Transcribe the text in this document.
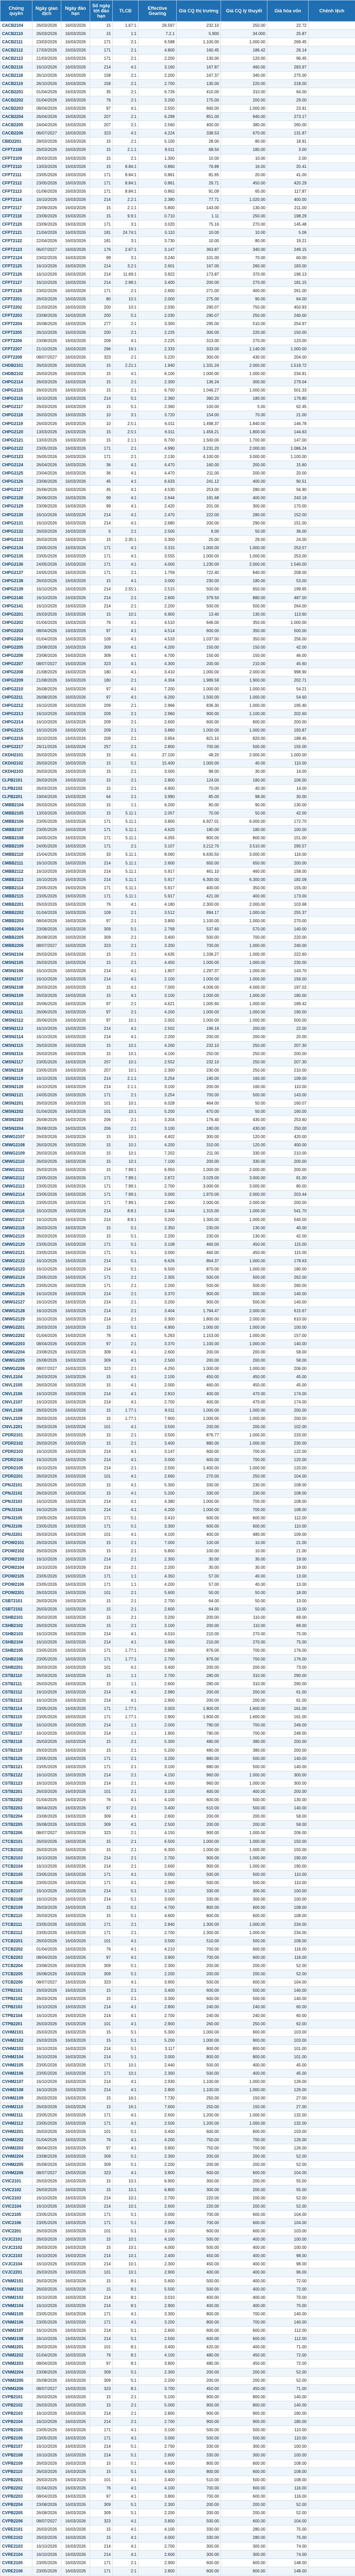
Chứng quyền	Ngày giao dịch	Ngày đáo hạn	Số ngày tới đáo hạn	TLCĐ	Effective Gearing	Giá CQ thị trường	Giá CQ lý thuyết	Giá hòa vốn	Chênh lệch
CACB2104	26/03/2026	16/03/2026	15	1.67:1	26.597	232.10	250.00	22.72	
CACB2110	26/03/2026	16/03/2026	15	1:1	7.2.1	5.900	34.000	25.87	
CACB2111	23/03/2026	16/03/2026	171	2:1	6.588	1.100.00	1.000.00	269.45	
CACB2112	17/03/2026	16/03/2026	171	2:1	4.800	160.45	186.42	26.14	
CACB2113	21/03/2026	16/03/2026	171	2:1	2.200	130.00	120.00	96.45	
CACB2116	16/10/2026	16/03/2026	214	4:1	3.160	167.87	460.00	283.97	
CACB2118	26/10/2026	16/03/2026	158	2:1	2.200	167.37	340.00	275.00	
CACB2119	26/10/2026	16/03/2026	158	2:1	2.700	130.00	220.00	218.00	
CACB2201	01/04/2026	16/03/2026	35	2:1	6.726	410.00	310.00	64.00	
CACB2202	01/04/2026	16/03/2026	76	2:1	3.200	175.00	200.00	29.00	
CACB2203	08/04/2026	16/03/2026	97	4:1	2.550	660.00	1.000.00	23.91	
CACB2204	26/04/2026	16/03/2026	207	2:1	6.299	851.00	940.00	273.17	
CACB2205	24/04/2026	16/03/2026	207	2:1	2.560	400.00	380.00	260.00	
CACB2206	06/07/2027	16/03/2026	323	4:1	4.224	338.53	670.00	131.87	
CBID2201	28/03/2026	16/03/2026	15	2:1	5.100	28.00	80.00	18.91	
CFPT2108	26/03/2026	16/03/2026	15	2.1:1	9.011	68.50	180.00	3.00	
CFPT2109	26/03/2026	16/03/2026	15	2:1	1.300	10.00	10.00	2.00	
CFPT2110	13/03/2026	16/03/2026	15	8.84:1	0.860	76.89	16.00	20.41	
CFPT2111	23/05/2026	16/03/2026	171	8.84:1	0.861	81.65	20.00	41.00	
CFPT2112	23/05/2026	16/03/2026	171	8.84:1	0.861	29.71	450.00	420.29	
CFPT2113	01/06/2026	16/03/2026	171	8.84:1	0.862	91.09	65.00	117.87	
CFPT2114	16/10/2026	16/03/2026	214	2.2:1	2.380	77.71	1.020.00	400.00	
CFPT2117	23/09/2026	16/03/2026	15	2.1:1	5.800	143.00	130.00	211.00	
CFPT2118	23/09/2026	16/03/2026	15	9.9:1	0.710	1.11	250.00	198.29	
CFPT2120	23/09/2026	16/03/2026	171	3:1	3.020	75.16	270.00	145.48	
CFPT2121	21/04/2026	16/03/2026	181	24.74:1	0.110	10.00	10.00	5.06	
CFPT2122	22/04/2026	16/03/2026	181	3:1	3.730	10.00	80.00	19.21	
CFPT2123	06/07/2027	16/03/2026	176	2.67:1	3.147	363.87	340.00	249.15	
CFPT2124	23/02/2026	16/03/2026	99	3:1	3.240	101.00	70.00	60.00	
CFPT2125	16/10/2026	16/03/2026	214	3.2:1	2.601	167.00	260.00	183.00	
CFPT2126	16/10/2026	16/03/2026	214	11.69:1	3.922	173.87	370.00	196.13	
CFPT2127	16/10/2026	16/03/2026	214	2.98:1	3.400	200.00	270.00	181.15	
CFPT2128	23/02/2026	16/03/2026	171	2:1	2.600	271.00	400.00	261.00	
CFPT2201	26/03/2026	16/03/2026	80	10:1	2.000	275.00	90.00	64.00	
CFPT2202	21/03/2026	16/03/2026	200	10:1	2.030	290.07	750.00	450.93	
CFPT2203	23/08/2026	16/03/2026	200	5:1	2.030	290.07	250.00	240.00	
CFPT2204	26/08/2026	16/03/2026	277	2:1	3.300	295.00	510.00	254.97	
CFPT2205	26/10/2026	16/03/2026	200	2:1	2.225	300.00	220.00	150.00	
CFPT2206	23/08/2026	16/03/2026	209	4:1	2.225	313.00	270.00	123.00	
CFPT2207	21/10/2026	16/03/2026	296	16:1	2.333	333.00	1.140.00	1.000.00	
CFPT2208	08/07/2027	16/03/2026	323	2:1	5.220	300.00	430.00	204.00	
CHDB2101	26/03/2026	16/03/2026	15	2.21:1	1.940	1.331.24	2.000.00	1.519.72	
CHDB2102	26/03/2026	16/03/2026	15	4:1	6.100	1.000.00	1.000.00	234.81	
CHPG2114	26/03/2026	16/03/2026	15	2:1	2.300	136.24	300.00	279.04	
CHPG2115	26/03/2026	16/03/2026	15	2:1	6.700	1.046.27	1.000.00	501.33	
CHPG2116	16/10/2026	16/03/2026	214	5:1	2.360	390.20	180.00	179.80	
CHPG2117	26/03/2026	16/03/2026	15	5:1	2.360	100.00	5.00	62.45	
CHPG2118	26/03/2026	16/03/2026	10	3:1	3.720	154.00	70.00	21.00	
CHPG2119	26/03/2026	16/03/2026	10	2.5:1	6.011	1.498.37	1.840.00	146.78	
CHPG2120	13/03/2026	16/03/2026	15	2.5:1	6.011	1.456.21	1.800.00	144.63	
CHPG2121	13/03/2026	16/03/2026	15	2.1:1	6.700	1.500.00	1.700.00	147.00	
CHPG2122	23/05/2026	16/03/2026	171	2:1	4.990	3.231.20	2.000.00	1.086.24	
CHPG2123	26/05/2026	16/03/2026	171	2:1	2.130	4.100.00	3.000.00	1.100.00	
CHPG2124	26/04/2026	16/03/2026	36	4:1	4.470	160.00	200.00	15.60	
CHPG2125	23/04/2026	16/03/2026	36	4:1	4.470	211.00	200.00	20.00	
CHPG2126	23/06/2026	16/03/2026	45	4:1	6.633	241.12	400.00	90.51	
CHPG2127	26/06/2026	16/03/2026	45	4:1	4.530	253.00	280.00	56.90	
CHPG2128	26/06/2026	16/03/2026	99	4:1	2.644	191.68	400.00	243.18	
CHPG2129	23/09/2026	16/03/2026	99	4:1	2.420	201.00	300.00	170.00	
CHPG2130	16/10/2026	16/03/2026	214	4:1	2.470	222.00	280.00	152.00	
CHPG2131	16/10/2026	16/03/2026	214	4:1	2.680	200.00	290.00	151.00	
CHPG2132	26/03/2026	16/03/2026	5	2:1	2.500	6.00	50.00	36.00	
CHPG2133	26/03/2026	16/03/2026	15	2.35:1	3.300	25.00	29.00	24.00	
CHPG2134	23/05/2026	16/03/2026	171	4:1	3.315	1.000.00	1.000.00	253.57	
CHPG2135	23/05/2026	16/03/2026	171	4:1	3.555	1.000.00	1.000.00	253.00	
CHPG2136	24/05/2026	16/03/2026	171	4:1	4.000	1.230.00	2.000.00	1.540.00	
CHPG2137	24/05/2026	16/03/2026	171	2:1	1.759	722.40	840.00	208.00	
CHPG2138	26/03/2026	16/03/2026	15	4:1	3.000	230.00	180.00	53.00	
CHPG2139	16/10/2026	16/03/2026	214	2.55:1	2.515	500.00	650.00	199.65	
CHPG2140	16/10/2026	16/03/2026	214	2:1	2.600	379.50	880.00	487.00	
CHPG2141	16/10/2026	16/03/2026	214	2:1	2.200	500.00	500.00	264.00	
CHPG2201	26/03/2026	16/03/2026	15	10:1	6.900	13.40	130.00	113.60	
CHPG2202	01/04/2026	16/03/2026	76	4:1	4.510	646.00	350.00	1.000.00	
CHPG2203	08/04/2026	16/03/2026	97	4:1	4.514	600.00	350.00	500.00	
CHPG2204	01/04/2026	16/03/2026	109	4:1	4.533	1.037.00	350.00	256.00	
CHPG2205	23/08/2026	16/03/2026	309	4:1	4.200	150.00	150.00	42.00	
CHPG2206	23/08/2026	16/03/2026	309	4:1	4.700	150.00	150.00	46.00	
CHPG2207	08/07/2027	16/03/2026	323	4:1	4.300	200.00	210.00	45.60	
CHPG2208	21/08/2026	16/03/2026	180	4:1	3.410	1.000.00	2.000.00	998.90	
CHPG2209	21/08/2026	16/03/2026	180	2:1	4.304	1.989.59	1.900.00	202.71	
CHPG2210	26/08/2026	16/03/2026	97	4:1	7.200	1.000.00	1.000.00	54.21	
CHPG2211	26/08/2026	16/03/2026	97	4:1	6.200	1.500.00	1.000.00	54.60	
CHPG2212	16/10/2026	16/03/2026	209	2:1	2.966	836.30	1.000.00	195.40	
CHPG2213	16/10/2026	16/03/2026	209	2:1	2.960	900.00	1.100.00	202.60	
CHPG2214	16/10/2026	16/03/2026	209	2:1	2.600	600.00	600.00	200.00	
CHPG2215	16/10/2026	16/03/2026	209	2:1	3.860	1.000.00	1.000.00	193.87	
CHPG2216	16/10/2026	16/03/2026	209	2:1	3.954	821.10	820.00	189.45	
CHPG2217	26/11/2026	16/03/2026	257	2:1	2.800	700.00	500.00	155.00	
CKDH2101	26/03/2026	16/03/2026	15	4:1	27.100	48.20	2.000.00	1.000.00	
CKDH2102	26/03/2026	16/03/2026	15	5:1	15.400	1.000.00	40.00	110.00	
CKDH2103	26/03/2026	16/03/2026	15	2:1	3.000	98.00	30.00	14.00	
CLPB2101	26/03/2026	16/03/2026	15	2:1	2.800	124.00	180.00	106.00	
CLPB2102	26/03/2026	16/03/2026	15	2:1	4.900	70.00	40.00	14.00	
CLPB2201	19/04/2026	16/03/2026	64	2:1	3.990	85.00	98.00	30.00	
CMBB2104	26/03/2026	16/03/2026	15	1:1	6.200	80.00	90.00	130.00	
CMBB2105	13/03/2026	16/03/2026	15	5.11:1	2.057	70.00	50.00	42.00	
CMBB2106	23/05/2026	16/03/2026	171	5.11:1	3.800	6.927.01	6.000.00	172.70	
CMBB2107	23/05/2026	16/03/2026	171	5.11:1	4.620	180.00	180.00	100.00	
CMBB2108	24/05/2026	16/03/2026	171	5.11:1	4.055	800.00	800.00	151.00	
CMBB2109	24/05/2026	16/03/2026	171	2:1	3.107	3.212.70	3.510.00	290.57	
CMBB2110	15/04/2026	16/03/2026	33	5.11:1	8.060	6.630.50	3.000.00	116.00	
CMBB2111	16/10/2026	16/03/2026	214	5.11:1	2.600	650.00	650.00	200.00	
CMBB2112	16/10/2026	16/03/2026	214	5.11:1	5.917	461.10	460.00	158.00	
CMBB2113	16/10/2026	16/03/2026	214	5.11:1	5.917	6.300.00	6.300.00	182.09	
CMBB2114	23/05/2026	16/03/2026	171	5.11:1	5.917	400.00	350.00	155.00	
CMBB2115	23/05/2026	16/03/2026	171	5.11:1	5.917	421.00	400.00	173.00	
CMBB2201	26/03/2026	16/03/2026	76	4:1	4.180	2.300.00	2.000.00	103.68	
CMBB2202	01/04/2026	16/03/2026	109	2:1	3.512	894.17	1.000.00	255.37	
CMBB2203	08/04/2026	16/03/2026	97	2:1	3.800	1.100.00	1.000.00	270.00	
CMBB2204	23/08/2026	16/03/2026	309	5:1	2.769	537.60	570.00	140.00	
CMBB2205	26/08/2026	16/03/2026	309	2:1	3.400	500.00	700.00	220.00	
CMBB2206	08/07/2027	16/03/2026	323	2:1	3.200	700.00	1.000.00	240.00	
CMSN2104	26/03/2026	16/03/2026	15	2:1	4.635	1.336.27	1.000.00	222.60	
CMSN2105	26/03/2026	16/03/2026	15	2:1	4.450	1.000.00	1.000.00	230.00	
CMSN2106	16/10/2026	16/03/2026	214	4:1	1.807	1.297.37	1.000.00	143.70	
CMSN2107	16/10/2026	16/03/2026	214	4:1	2.100	1.000.00	1.000.00	156.00	
CMSN2108	26/03/2026	16/03/2026	15	4:1	7.000	4.006.00	4.000.00	197.02	
CMSN2109	26/03/2026	16/03/2026	15	4:1	3.100	1.000.00	1.000.00	180.00	
CMSN2110	26/06/2026	16/03/2026	97	2:1	4.621	1.005.60	1.000.00	189.42	
CMSN2111	26/06/2026	16/03/2026	97	2:1	4.200	1.000.00	1.000.00	190.00	
CMSN2112	26/06/2026	16/03/2026	97	10:1	2.002	2.000.00	1.000.00	500.00	
CMSN2113	16/10/2026	16/03/2026	214	4:1	2.502	196.16	200.00	22.00	
CMSN2114	16/10/2026	16/03/2026	214	4:1	2.200	200.00	200.00	20.00	
CMSN2115	26/03/2026	16/03/2026	15	10:1	4.200	232.10	250.00	207.30	
CMSN2116	26/03/2026	16/03/2026	15	10:1	4.100	250.00	250.00	200.00	
CMSN2117	23/05/2026	16/03/2026	207	10:1	2.552	232.10	250.00	207.30	
CMSN2118	23/05/2026	16/03/2026	207	10:1	2.300	230.00	250.00	210.00	
CMSN2119	16/10/2026	16/03/2026	214	2.1:1	3.254	190.00	160.00	109.00	
CMSN2120	16/10/2026	16/03/2026	214	2.1:1	3.100	200.00	160.00	110.00	
CMSN2121	24/05/2026	16/03/2026	171	2:1	3.254	700.00	500.00	143.00	
CMSN2201	26/03/2026	16/03/2026	101	10:1	6.028	464.00	50.00	160.07	
CMSN2202	01/04/2026	16/03/2026	101	10:1	5.200	470.00	50.00	160.00	
CMSN2203	26/08/2026	16/03/2026	206	2:1	3.204	176.40	430.00	253.60	
CMSN2204	26/08/2026	16/03/2026	206	2:1	3.100	180.00	430.00	250.00	
CMWG2107	26/03/2026	16/03/2026	15	10:1	4.402	300.00	120.00	420.00	
CMWG2108	26/03/2026	16/03/2026	15	10:1	4.200	310.00	120.00	400.00	
CMWG2109	26/03/2026	16/03/2026	15	10:1	7.202	211.00	330.00	210.00	
CMWG2110	26/03/2026	16/03/2026	15	10:1	7.100	200.00	330.00	200.00	
CMWG2111	26/03/2026	16/03/2026	15	7.99:1	6.950	1.000.00	2.000.00	200.00	
CMWG2112	23/05/2026	16/03/2026	171	7.99:1	2.872	3.029.00	3.000.00	81.00	
CMWG2113	23/05/2026	16/03/2026	171	7.99:1	2.700	3.000.00	3.000.00	80.00	
CMWG2114	23/05/2026	16/03/2026	171	7.99:1	3.000	1.970.00	2.000.00	203.44	
CMWG2115	23/05/2026	16/03/2026	171	7.99:1	2.900	2.000.00	2.000.00	200.00	
CMWG2116	16/10/2026	16/03/2026	214	8:8:1	3.344	1.315.00	1.000.00	541.70	
CMWG2117	16/10/2026	16/03/2026	214	8:8:1	3.200	1.300.00	1.000.00	540.00	
CMWG2118	26/03/2026	16/03/2026	15	5:1	2.350	230.00	130.00	40.00	
CMWG2119	26/03/2026	16/03/2026	15	5:1	2.200	230.00	130.00	42.00	
CMWG2120	23/05/2026	16/03/2026	171	5:1	3.108	460.00	450.00	115.00	
CMWG2121	23/05/2026	16/03/2026	171	5:1	3.000	460.00	450.00	115.00	
CMWG2122	16/10/2026	16/03/2026	214	5:1	6.626	864.37	1.000.00	178.63	
CMWG2123	16/10/2026	16/03/2026	214	5:1	6.500	870.00	1.000.00	180.00	
CMWG2124	23/05/2026	16/03/2026	171	2:1	2.305	500.00	500.00	262.00	
CMWG2125	23/05/2026	16/03/2026	171	2:1	2.200	500.00	500.00	260.00	
CMWG2126	16/10/2026	16/03/2026	214	2:1	3.370	900.00	500.00	140.00	
CMWG2127	16/10/2026	16/03/2026	214	2:1	3.200	900.00	500.00	140.00	
CMWG2128	16/10/2026	16/03/2026	214	2:1	3.404	1.784.47	2.000.00	615.67	
CMWG2129	16/10/2026	16/03/2026	214	2:1	3.300	1.800.00	2.000.00	610.00	
CMWG2201	26/03/2026	16/03/2026	15	5:1	4.900	1.000.00	1.000.00	100.00	
CMWG2202	01/04/2026	16/03/2026	76	4:1	5.263	1.153.00	1.000.00	157.00	
CMWG2203	08/04/2026	16/03/2026	97	2:1	3.370	1.100.00	1.000.00	140.00	
CMWG2204	23/08/2026	16/03/2026	309	4:1	2.600	200.00	200.00	58.00	
CMWG2205	26/08/2026	16/03/2026	309	4:1	2.500	200.00	200.00	58.00	
CMWG2206	08/07/2027	16/03/2026	323	2:1	4.250	1.000.00	1.000.00	206.00	
CNVL2104	26/03/2026	16/03/2026	15	4:1	2.100	450.00	450.00	45.00	
CNVL2105	26/03/2026	16/03/2026	15	4:1	2.000	460.00	450.00	45.00	
CNVL2106	16/10/2026	16/03/2026	214	4:1	2.810	400.00	470.00	174.00	
CNVL2107	16/10/2026	16/03/2026	214	4:1	2.700	400.00	470.00	174.00	
CNVL2108	26/03/2026	16/03/2026	15	1.77:1	8.011	1.000.00	1.000.00	200.00	
CNVL2109	26/03/2026	16/03/2026	15	1.77:1	7.900	1.000.00	1.000.00	200.00	
CNVL2201	26/03/2026	16/03/2026	101	4:1	3.500	200.00	200.00	102.00	
CPDR2101	26/03/2026	16/03/2026	15	2:1	3.500	876.77	1.000.00	233.00	
CPDR2102	26/03/2026	16/03/2026	15	2:1	3.400	880.00	1.000.00	230.00	
CPDR2103	16/10/2026	16/03/2026	214	4:1	3.147	600.00	700.00	122.00	
CPDR2104	16/10/2026	16/03/2026	214	4:1	3.000	600.00	700.00	120.00	
CPDR2105	16/10/2026	16/03/2026	214	2:1	2.500	1.400.00	1.000.00	120.00	
CPDR2201	26/03/2026	16/03/2026	101	4:1	2.660	270.00	250.00	104.00	
CPNJ2101	26/03/2026	16/03/2026	15	4:1	5.300	330.00	230.00	108.00	
CPNJ2102	26/03/2026	16/03/2026	15	4:1	5.200	330.00	230.00	108.00	
CPNJ2103	16/10/2026	16/03/2026	214	4:1	4.380	1.000.00	700.00	108.00	
CPNJ2104	16/10/2026	16/03/2026	214	4:1	4.200	1.000.00	700.00	108.00	
CPNJ2105	23/05/2026	16/03/2026	171	5:1	3.410	600.00	600.00	112.00	
CPNJ2106	23/05/2026	16/03/2026	171	5:1	3.300	600.00	600.00	110.00	
CPNJ2201	26/03/2026	16/03/2026	101	4:1	4.100	400.00	480.00	109.00	
CPOW2101	26/03/2026	16/03/2026	15	2:1	7.000	100.00	10.00	21.00	
CPOW2102	26/03/2026	16/03/2026	15	2:1	6.800	100.00	10.00	21.00	
CPOW2103	16/10/2026	16/03/2026	214	2:1	2.300	30.00	30.00	19.00	
CPOW2104	16/10/2026	16/03/2026	214	2:1	2.200	30.00	30.00	19.00	
CPOW2105	23/05/2026	16/03/2026	171	1:1	4.350	57.00	40.00	13.00	
CPOW2106	23/05/2026	16/03/2026	171	1:1	4.200	57.00	40.00	13.00	
CPOW2201	26/03/2026	16/03/2026	101	2:1	5.600	50.00	50.00	18.00	
CSBT2101	26/03/2026	16/03/2026	15	2:1	2.700	64.00	50.00	13.00	
CSBT2102	26/03/2026	16/03/2026	15	2:1	2.600	64.00	50.00	13.00	
CSHB2101	26/03/2026	16/03/2026	15	2:1	3.200	200.00	110.00	69.00	
CSHB2102	26/03/2026	16/03/2026	15	2:1	3.100	200.00	110.00	69.00	
CSHB2103	16/10/2026	16/03/2026	214	4:1	4.010	210.00	270.00	75.00	
CSHB2104	16/10/2026	16/03/2026	214	4:1	3.900	210.00	270.00	75.00	
CSHB2105	23/05/2026	16/03/2026	171	1.77:1	2.880	876.00	700.00	176.00	
CSHB2106	23/05/2026	16/03/2026	171	1.77:1	2.700	876.00	700.00	176.00	
CSHB2201	26/03/2026	16/03/2026	101	4:1	3.400	200.00	200.00	73.00	
CSTB2110	26/03/2026	16/03/2026	15	1:1	2.700	280.00	310.00	290.00	
CSTB2111	26/03/2026	16/03/2026	15	1:1	2.600	280.00	310.00	290.00	
CSTB2112	16/10/2026	16/03/2026	214	4:1	2.980	200.00	200.00	61.00	
CSTB2113	16/10/2026	16/03/2026	214	4:1	2.900	200.00	200.00	61.00	
CSTB2114	23/05/2026	16/03/2026	171	1.77:1	3.003	1.800.00	1.600.00	161.00	
CSTB2115	23/05/2026	16/03/2026	171	1.77:1	2.900	1.800.00	1.600.00	161.00	
CSTB2116	16/10/2026	16/03/2026	214	1:1	2.000	780.00	700.00	249.00	
CSTB2117	16/10/2026	16/03/2026	214	1:1	1.900	780.00	700.00	249.00	
CSTB2118	26/03/2026	16/03/2026	15	2:1	5.300	480.00	380.00	200.00	
CSTB2119	26/03/2026	16/03/2026	15	2:1	5.200	480.00	380.00	200.00	
CSTB2120	23/05/2026	16/03/2026	171	2:1	3.200	880.00	500.00	140.00	
CSTB2121	23/05/2026	16/03/2026	171	2:1	3.100	880.00	500.00	140.00	
CSTB2122	16/10/2026	16/03/2026	214	2:1	4.150	960.00	1.000.00	300.00	
CSTB2123	16/10/2026	16/03/2026	214	2:1	4.000	960.00	1.000.00	300.00	
CSTB2201	26/03/2026	16/03/2026	101	2:1	3.100	400.00	400.00	200.00	
CSTB2202	01/04/2026	16/03/2026	76	4:1	4.100	600.00	500.00	130.00	
CSTB2203	08/04/2026	16/03/2026	97	2:1	3.400	610.00	500.00	140.00	
CSTB2204	23/08/2026	16/03/2026	309	4:1	2.600	200.00	200.00	58.00	
CSTB2205	26/08/2026	16/03/2026	309	4:1	2.500	200.00	200.00	58.00	
CSTB2206	08/07/2027	16/03/2026	323	2:1	4.150	900.00	1.000.00	206.00	
CTCB2101	26/03/2026	16/03/2026	15	2:1	6.500	1.000.00	1.000.00	150.00	
CTCB2102	26/03/2026	16/03/2026	15	2:1	6.300	1.000.00	1.000.00	150.00	
CTCB2103	16/10/2026	16/03/2026	214	2:1	2.700	900.00	1.000.00	190.00	
CTCB2104	16/10/2026	16/03/2026	214	2:1	2.600	900.00	1.000.00	190.00	
CTCB2105	23/05/2026	16/03/2026	171	4:1	3.050	500.00	500.00	110.00	
CTCB2106	23/05/2026	16/03/2026	171	4:1	2.900	500.00	500.00	110.00	
CTCB2107	16/10/2026	16/03/2026	214	5:1	3.120	330.00	300.00	100.00	
CTCB2108	16/10/2026	16/03/2026	214	5:1	3.000	330.00	300.00	100.00	
CTCB2109	26/03/2026	16/03/2026	15	5:1	4.700	800.00	600.00	108.00	
CTCB2110	26/03/2026	16/03/2026	15	5:1	4.600	800.00	600.00	108.00	
CTCB2111	23/05/2026	16/03/2026	171	2:1	2.840	1.300.00	1.000.00	234.00	
CTCB2112	23/05/2026	16/03/2026	171	2:1	2.700	1.300.00	1.000.00	234.00	
CTCB2201	26/03/2026	16/03/2026	101	4:1	3.500	510.00	500.00	108.00	
CTCB2202	01/04/2026	16/03/2026	76	4:1	4.210	700.00	600.00	116.00	
CTCB2203	08/04/2026	16/03/2026	97	4:1	3.900	700.00	600.00	116.00	
CTCB2204	23/08/2026	16/03/2026	309	5:1	2.300	200.00	200.00	52.00	
CTCB2205	26/08/2026	16/03/2026	309	5:1	2.200	200.00	200.00	52.00	
CTCB2206	08/07/2027	16/03/2026	323	4:1	3.900	500.00	600.00	104.00	
CTPB2101	26/03/2026	16/03/2026	15	2:1	3.400	600.00	500.00	140.00	
CTPB2102	26/03/2026	16/03/2026	15	2:1	3.300	600.00	500.00	140.00	
CTPB2103	16/10/2026	16/03/2026	214	4:1	2.800	240.00	240.00	60.00	
CTPB2104	16/10/2026	16/03/2026	214	4:1	2.700	240.00	240.00	60.00	
CTPB2201	26/03/2026	16/03/2026	101	4:1	2.900	260.00	250.00	62.00	
CVHM2101	26/03/2026	16/03/2026	15	5:1	5.300	1.000.00	900.00	103.00	
CVHM2102	26/03/2026	16/03/2026	15	5:1	5.200	1.000.00	900.00	103.00	
CVHM2103	16/10/2026	16/03/2026	214	5:1	3.117	800.00	800.00	101.00	
CVHM2104	16/10/2026	16/03/2026	214	5:1	3.000	800.00	800.00	101.00	
CVHM2105	23/05/2026	16/03/2026	171	10:1	2.440	500.00	400.00	45.00	
CVHM2106	23/05/2026	16/03/2026	171	10:1	2.300	500.00	400.00	45.00	
CVHM2107	16/10/2026	16/03/2026	214	4:1	2.930	1.100.00	1.000.00	126.00	
CVHM2108	16/10/2026	16/03/2026	214	4:1	2.800	1.100.00	1.000.00	126.00	
CVHM2109	26/03/2026	16/03/2026	15	16:1	7.730	250.00	150.00	27.00	
CVHM2110	26/03/2026	16/03/2026	15	16:1	7.600	250.00	150.00	27.00	
CVHM2111	23/05/2026	16/03/2026	171	4:1	2.600	1.200.00	1.000.00	132.00	
CVHM2112	23/05/2026	16/03/2026	171	4:1	2.500	1.200.00	1.000.00	132.00	
CVHM2201	26/03/2026	16/03/2026	101	5:1	3.400	600.00	600.00	103.00	
CVHM2202	01/04/2026	16/03/2026	76	4:1	4.200	750.00	700.00	126.00	
CVHM2203	08/04/2026	16/03/2026	97	4:1	3.900	750.00	700.00	126.00	
CVHM2204	23/08/2026	16/03/2026	309	5:1	2.300	200.00	200.00	52.00	
CVHM2205	26/08/2026	16/03/2026	309	5:1	2.200	200.00	200.00	52.00	
CVHM2206	08/07/2027	16/03/2026	323	4:1	3.800	600.00	600.00	104.00	
CVIC2101	26/03/2026	16/03/2026	15	10:1	6.900	300.00	200.00	55.00	
CVIC2102	26/03/2026	16/03/2026	15	10:1	6.800	300.00	200.00	55.00	
CVIC2103	16/10/2026	16/03/2026	214	10:1	2.700	220.00	200.00	52.00	
CVIC2104	16/10/2026	16/03/2026	214	10:1	2.600	220.00	200.00	52.00	
CVIC2105	23/05/2026	16/03/2026	171	5:1	3.000	700.00	600.00	104.00	
CVIC2106	23/05/2026	16/03/2026	171	5:1	2.900	700.00	600.00	104.00	
CVIC2201	26/03/2026	16/03/2026	101	5:1	3.100	600.00	600.00	103.00	
CVJC2101	26/03/2026	16/03/2026	15	10:1	4.100	500.00	400.00	100.00	
CVJC2102	26/03/2026	16/03/2026	15	10:1	4.000	500.00	400.00	100.00	
CVJC2103	16/10/2026	16/03/2026	214	10:1	2.400	450.00	400.00	98.00	
CVJC2104	16/10/2026	16/03/2026	214	10:1	2.300	450.00	400.00	98.00	
CVJC2201	26/03/2026	16/03/2026	101	10:1	2.900	400.00	400.00	96.00	
CVNM2101	26/03/2026	16/03/2026	15	8:1	5.600	500.00	400.00	72.00	
CVNM2102	26/03/2026	16/03/2026	15	8:1	5.500	500.00	400.00	72.00	
CVNM2103	16/10/2026	16/03/2026	214	8:1	3.010	400.00	400.00	70.00	
CVNM2104	16/10/2026	16/03/2026	214	8:1	2.900	400.00	400.00	70.00	
CVNM2105	23/05/2026	16/03/2026	171	4:1	3.300	800.00	700.00	140.00	
CVNM2106	23/05/2026	16/03/2026	171	4:1	3.200	800.00	700.00	140.00	
CVNM2107	16/10/2026	16/03/2026	214	5:1	2.600	600.00	600.00	112.00	
CVNM2108	16/10/2026	16/03/2026	214	5:1	2.500	600.00	600.00	112.00	
CVNM2201	26/03/2026	16/03/2026	101	8:1	3.400	420.00	400.00	71.00	
CVNM2202	01/04/2026	16/03/2026	76	8:1	4.100	480.00	450.00	72.00	
CVNM2203	08/04/2026	16/03/2026	97	8:1	3.800	480.00	450.00	72.00	
CVNM2204	23/08/2026	16/03/2026	309	5:1	2.300	200.00	200.00	52.00	
CVNM2205	26/08/2026	16/03/2026	309	5:1	2.200	200.00	200.00	52.00	
CVNM2206	08/07/2027	16/03/2026	323	8:1	3.700	450.00	450.00	71.00	
CVPB2101	26/03/2026	16/03/2026	15	2:1	5.100	900.00	800.00	140.00	
CVPB2102	26/03/2026	16/03/2026	15	2:1	5.000	900.00	800.00	140.00	
CVPB2103	16/10/2026	16/03/2026	214	2:1	2.800	900.00	900.00	180.00	
CVPB2104	16/10/2026	16/03/2026	214	2:1	2.700	900.00	900.00	180.00	
CVPB2105	23/05/2026	16/03/2026	171	4:1	3.100	500.00	500.00	110.00	
CVPB2106	23/05/2026	16/03/2026	171	4:1	3.000	500.00	500.00	110.00	
CVPB2107	16/10/2026	16/03/2026	214	5:1	2.700	330.00	300.00	100.00	
CVPB2108	16/10/2026	16/03/2026	214	5:1	2.600	330.00	300.00	100.00	
CVPB2109	26/03/2026	16/03/2026	15	5:1	4.600	800.00	600.00	108.00	
CVPB2110	26/03/2026	16/03/2026	15	5:1	4.500	800.00	600.00	108.00	
CVPB2201	26/03/2026	16/03/2026	101	4:1	3.400	510.00	500.00	108.00	
CVPB2202	01/04/2026	16/03/2026	76	4:1	4.100	700.00	600.00	116.00	
CVPB2203	08/04/2026	16/03/2026	97	4:1	3.800	700.00	600.00	116.00	
CVPB2204	23/08/2026	16/03/2026	309	5:1	2.300	200.00	200.00	52.00	
CVPB2205	26/08/2026	16/03/2026	309	5:1	2.200	200.00	200.00	52.00	
CVPB2206	08/07/2027	16/03/2026	323	4:1	3.800	500.00	600.00	104.00	
CVRE2101	26/03/2026	16/03/2026	15	4:1	4.100	330.00	280.00	75.00	
CVRE2102	26/03/2026	16/03/2026	15	4:1	4.000	330.00	280.00	75.00	
CVRE2103	16/10/2026	16/03/2026	214	4:1	2.700	300.00	300.00	74.00	
CVRE2104	16/10/2026	16/03/2026	214	4:1	2.600	300.00	300.00	74.00	
CVRE2105	23/05/2026	16/03/2026	171	2:1	2.900	600.00	600.00	148.00	
CVRE2106	23/05/2026	16/03/2026	171	2:1	2.800	600.00	600.00	148.00	
